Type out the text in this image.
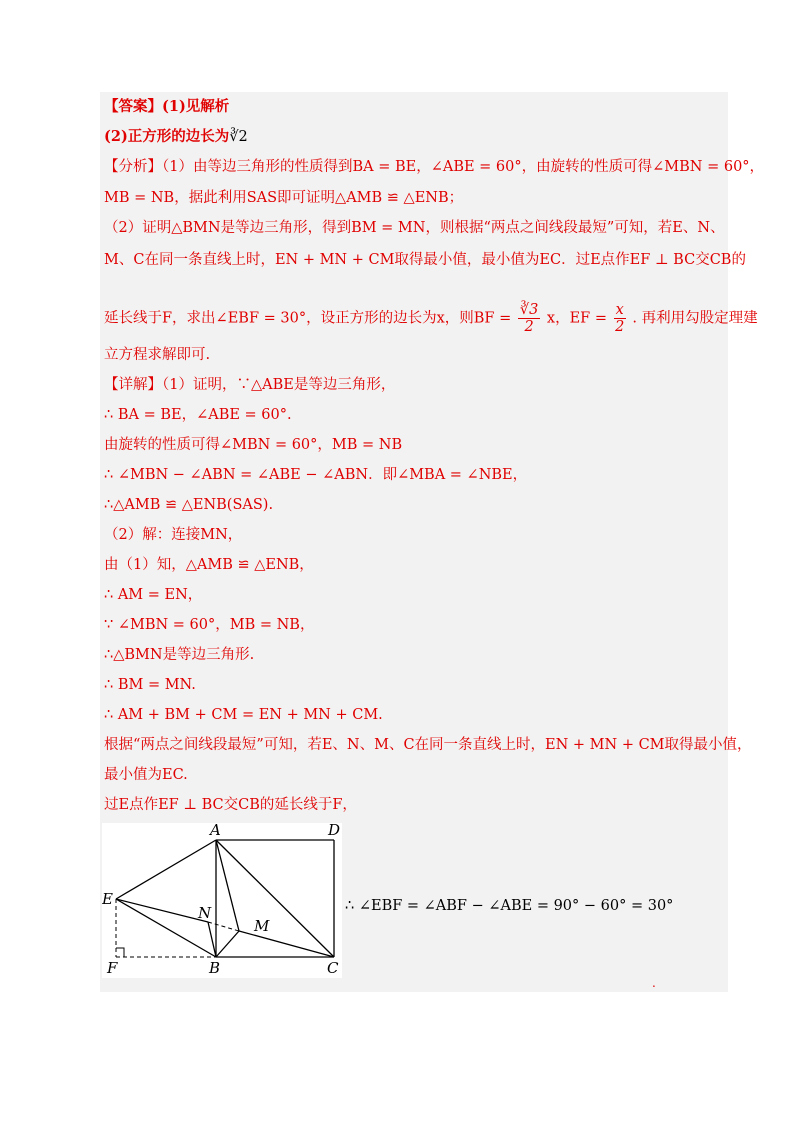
【答案】(1)见解析
(2)正方形的边长为∛2
【分析】（1）由等边三角形的性质得到BA = BE，∠ABE = 60°，由旋转的性质可得∠MBN = 60°，
MB = NB，据此利用SAS即可证明△AMB ≌ △ENB；
（2）证明△BMN是等边三角形，得到BM = MN，则根据“两点之间线段最短”可知，若E、N、
M、C在同一条直线上时，EN + MN + CM取得最小值，最小值为EC．过E点作EF ⊥ BC交CB的
立方程求解即可.
【详解】（1）证明，∵△ABE是等边三角形，
∴ BA = BE，∠ABE = 60°.
由旋转的性质可得∠MBN = 60°，MB = NB
∴ ∠MBN − ∠ABN = ∠ABE − ∠ABN．即∠MBA = ∠NBE，
∴△AMB ≌ △ENB(SAS).
（2）解：连接MN，
由（1）知，△AMB ≌ △ENB，
∴ AM = EN，
∵ ∠MBN = 60°，MB = NB，
∴△BMN是等边三角形.
∴ BM = MN.
∴ AM + BM + CM = EN + MN + CM.
根据“两点之间线段最短”可知，若E、N、M、C在同一条直线上时，EN + MN + CM取得最小值，
最小值为EC.
过E点作EF ⊥ BC交CB的延长线于F，
延长线于F，求出∠EBF = 30°，设正方形的边长为x，则BF = $\frac{∛3}{2}$ x，EF = $\frac{x}{2}$ . 再利用勾股定理建
A	D
E
N
M
F	B	C
∴ ∠EBF = ∠ABF − ∠ABE = 90° − 60° = 30°
.
